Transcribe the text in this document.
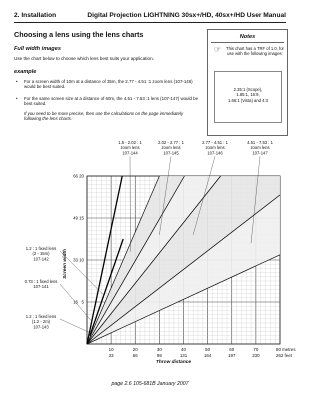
2. Installation	Digital Projection LIGHTNING 30sx+/HD, 40sx+/HD User Manual
Choosing a lens using the lens charts
Full width images
Use the chart below to choose which lens best suits your application.
example
• For a screen width of 10m at a distance of 35m, the 2.77 - 4.51 :1 zoom lens (107-146) would be best suited.
• For the same screen size at a distance of 60m, the 4.51 - 7.53 :1 lens (107-147) would be best suited.
If you need to be more precise, then use the calculations on the page immediately following the lens charts.
Notes
☞	This chart has a TRF of 1.0, for use with the following images:
2.35:1 (Scope),
1.85:1, 16:9,
1.66:1 (Vista) and 4:3
1.5 - 2.02 : 1
zoom lens
107-144
2.02 - 2.77 : 1
zoom lens
107-145
2.77 - 4.51 : 1
zoom lens
107-146
4.51 - 7.53 : 1
zoom lens
107-147
1.2 : 1 fixed lens
(2 - 15m)
107-142
0.73 : 1 fixed lens
107-141
1.2 : 1 fixed lens
(1.2 - 2m)
107-143
16 5
33 10
49 15
66 20
Screen width
10
33
20
66
30
98
40
131
50
164
60
197
70
230
80 metres
262 feet
Throw distance
page 2.6 105-681B January 2007
